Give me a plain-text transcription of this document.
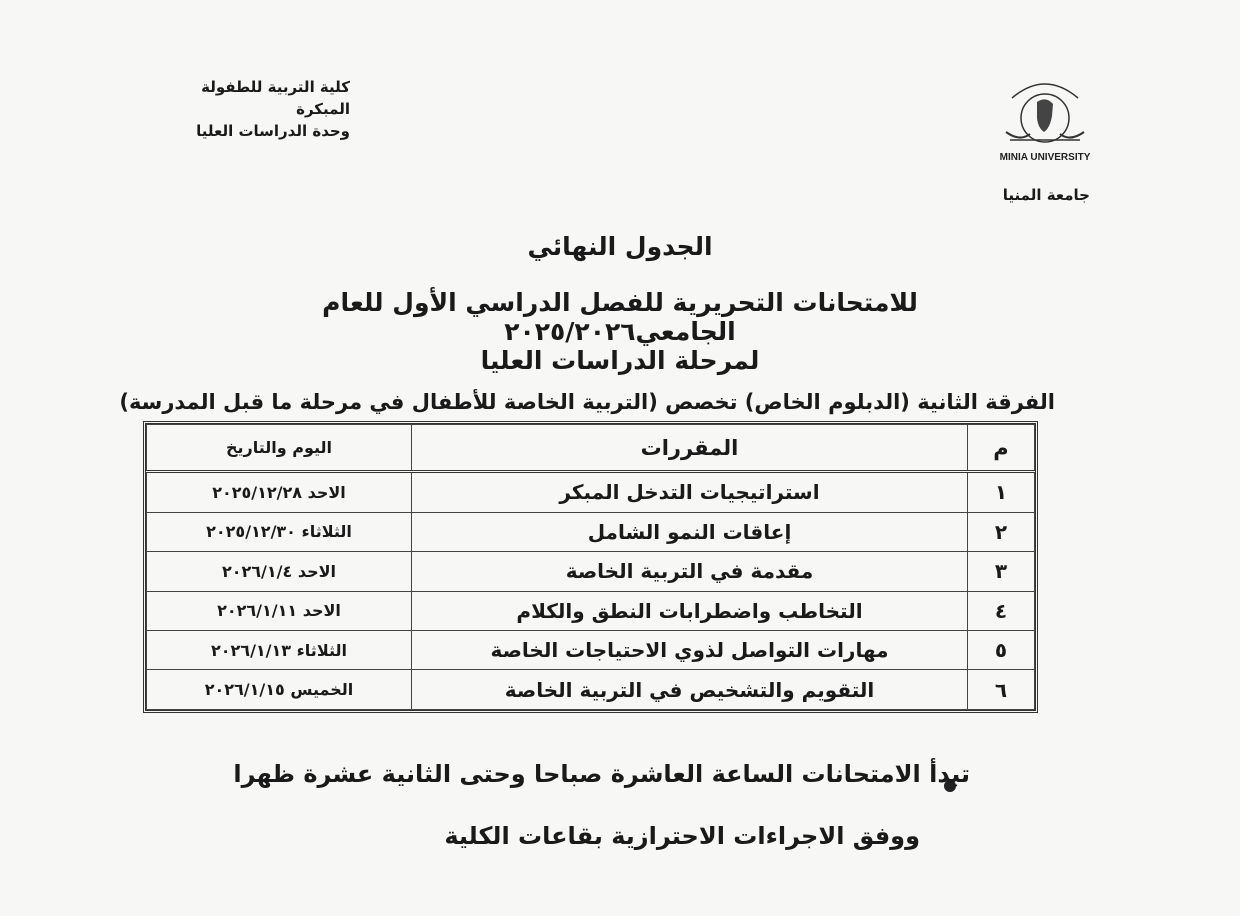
كلية التربية للطفولة المبكرة
وحدة الدراسات العليا
MINIA UNIVERSITY
جامعة المنيا
الجدول النهائي
للامتحانات التحريرية للفصل الدراسي الأول للعام الجامعي٢٠٢٥/٢٠٢٦
لمرحلة الدراسات العليا
الفرقة الثانية (الدبلوم الخاص) تخصص (التربية الخاصة للأطفال في مرحلة ما قبل المدرسة)
م	المقررات	اليوم والتاريخ
١	استراتيجيات التدخل المبكر	الاحد ٢٠٢٥/١٢/٢٨
٢	إعاقات النمو الشامل	الثلاثاء ٢٠٢٥/١٢/٣٠
٣	مقدمة في التربية الخاصة	الاحد ٢٠٢٦/١/٤
٤	التخاطب واضطرابات النطق والكلام	الاحد ٢٠٢٦/١/١١
٥	مهارات التواصل لذوي الاحتياجات الخاصة	الثلاثاء ٢٠٢٦/١/١٣
٦	التقويم والتشخيص في التربية الخاصة	الخميس ٢٠٢٦/١/١٥
تبدأ الامتحانات الساعة العاشرة صباحا وحتى الثانية عشرة ظهرا
ووفق الاجراءات الاحترازية بقاعات الكلية
